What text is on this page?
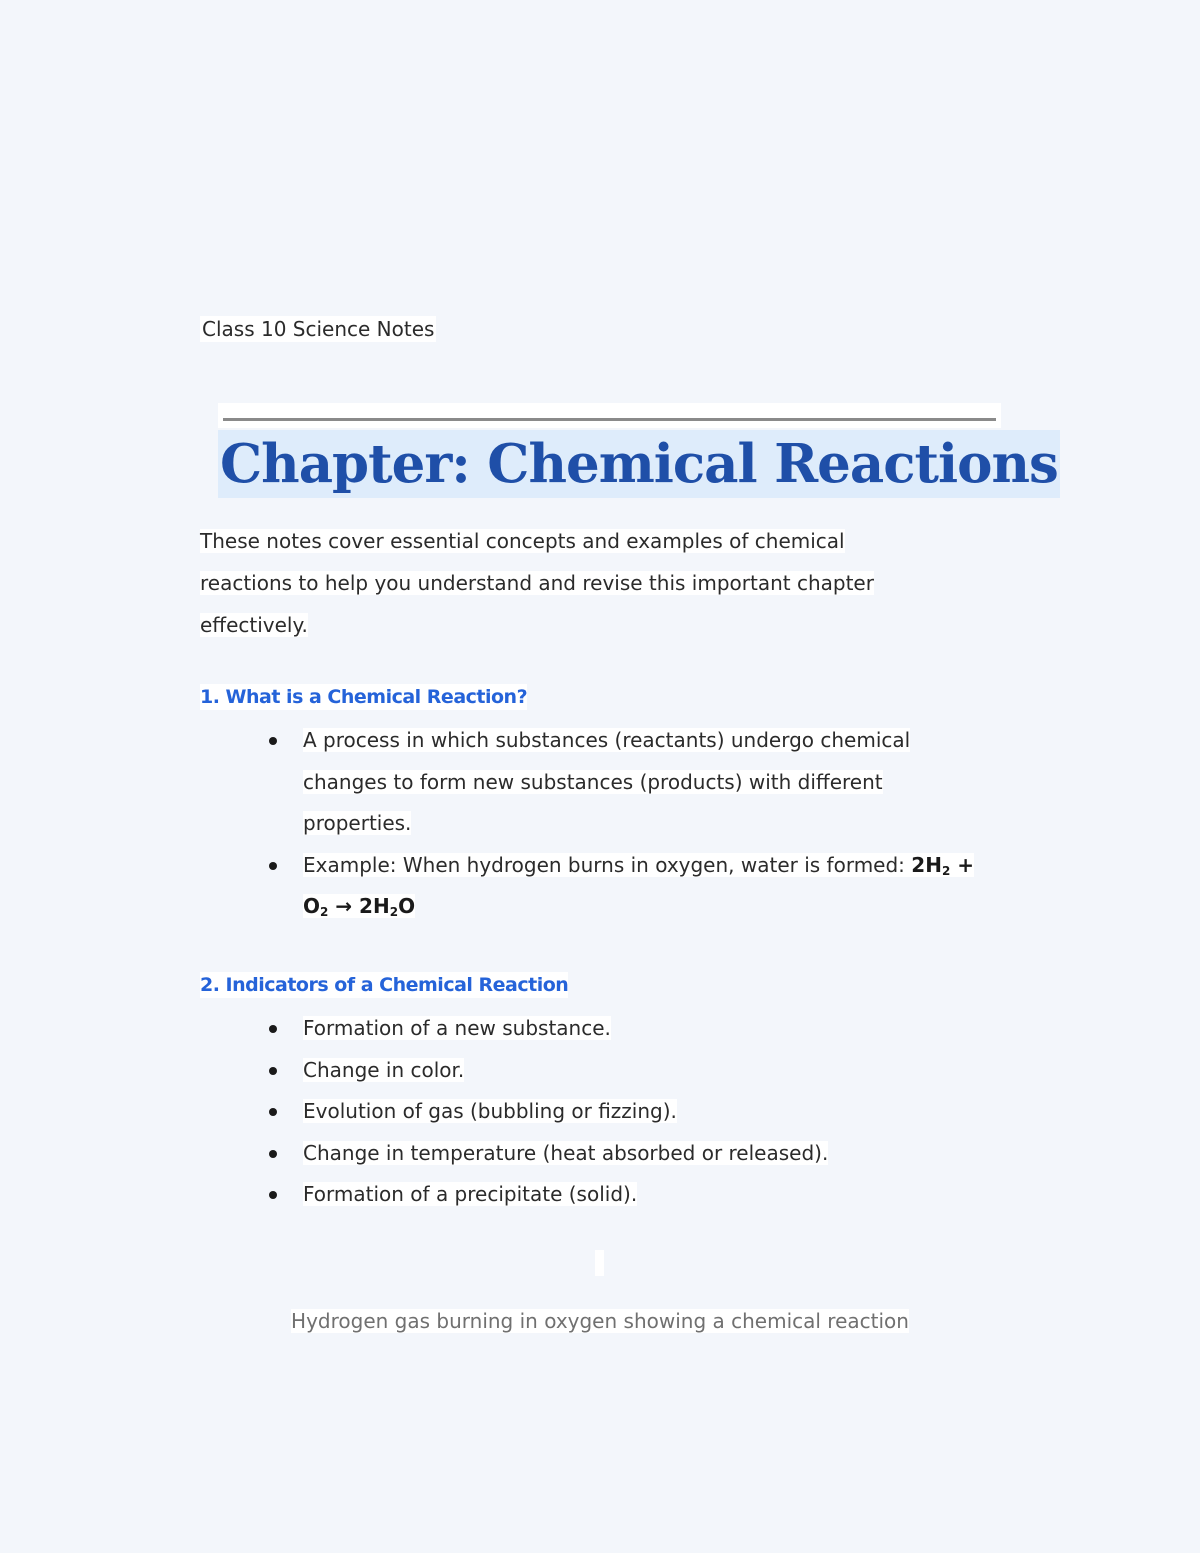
Class 10 Science Notes
Chapter: Chemical Reactions
These notes cover essential concepts and examples of chemical
reactions to help you understand and revise this important chapter
effectively.
1. What is a Chemical Reaction?
A process in which substances (reactants) undergo chemical
changes to form new substances (products) with different
properties.
Example: When hydrogen burns in oxygen, water is formed: $2H_2$ +
$O_2 \to 2H_2O$
2. Indicators of a Chemical Reaction
Formation of a new substance.
Change in color.
Evolution of gas (bubbling or fizzing).
Change in temperature (heat absorbed or released).
Formation of a precipitate (solid).
Hydrogen gas burning in oxygen showing a chemical reaction
